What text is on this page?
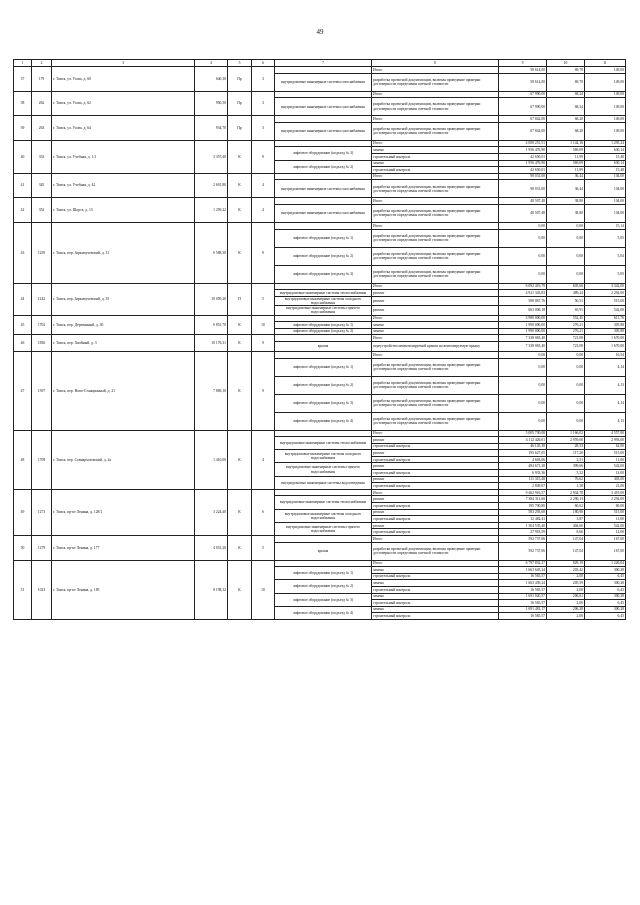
49
1	2	3	4	5	6	7	8	9	10	11
37	179	г. Томск, ул. Усова, д. 60	640,30	Пр	3		Итого	58 614,00	69,70	149,00
						внутридомовые инженерные системы газоснабжения	разработка проектной документации, включая проведение проверки достоверности определения сметной стоимости	58 614,00	69,70	149,00
38	262	г. Томск, ул. Усова, д. 62	950,50	Пр	3		Итого	67 990,00	68,24	149,00
						внутридомовые инженерные системы газоснабжения	разработка проектной документации, включая проведение проверки достоверности определения сметной стоимости	67 990,00	68,24	149,00
39	263	г. Томск, ул. Усова, д. 64	934,70	Пр	3		Итого	67 842,00	68,20	149,00
						внутридомовые инженерные системы газоснабжения	разработка проектной документации, включая проведение проверки достоверности определения сметной стоимости	67 842,00	68,20	149,00
40	333	г. Томск, ул. Учебная, д. 1/1	3 357,40	К	9		Итого	4 000 251,51	1 144,16	1 295,24
						лифтовое оборудование (подъезд № 3)	замена	1 956 476,90	569,09	630,14
							строительный контроль	42 650,01	11,99	15,48
						лифтовое оборудование (подъезд № 2)	замена	1 956 476,90	569,09	630,14
							строительный контроль	42 650,01	11,99	15,48
41	345	г. Томск, ул. Учебная, д. 42	2 691,80	К	4		Итого	98 031,00	36,44	104,00
						внутридомовые инженерные системы газоснабжения	разработка проектной документации, включая проведение проверки достоверности определения сметной стоимости	98 031,00	36,44	104,00
42	352	г. Томск, ул. Шорса, д. 13	1 259,22	К	4		Итого	48 507,48	38,80	104,00
						внутридомовые инженерные системы газоснабжения	разработка проектной документации, включая проведение проверки достоверности определения сметной стоимости	48 507,48	38,80	104,00
43	1259	г. Томск, пер. Заркичучевский, д. 31	6 588,30	К	9		Итого	0,00	0,00	15,14
						лифтовое оборудование (подъезд № 1)	разработка проектной документации, включая проведение проверки достоверности определения сметной стоимости	0,00	0,00	5,05
						лифтовое оборудование (подъезд № 2)	разработка проектной документации, включая проведение проверки достоверности определения сметной стоимости	0,00	0,00	5,04
						лифтовое оборудование (подъезд № 3)	разработка проектной документации, включая проведение проверки достоверности определения сметной стоимости	0,00	0,00	5,05
44	1242	г. Томск, пер. Заркичучевский, д. 35	10 059,20	П	5		Итого	6 092 419,79	605,66	3 342,00
						внутридомовые инженерные системы теплоснабжения	ремонт	4 921 343,83	489,24	2 292,00
						внутридомовые инженерные системы холодного водоснабжения	ремонт	508 067,76	50,51	515,00
						внутридомовые инженерные системы горячего водоснабжения	ремонт	663 006,18	65,91	542,00
45	1702	г. Томск, пер. Деревянный, д. 30	6 851,70	К	10		Итого	3 980 000,00	552,45	611,76
						лифтовое оборудование (подъезд № 1)	замена	1 990 000,00	276,21	305,88
						лифтовое оборудование (подъезд № 2)	замена	1 990 000,00	276,21	305,88
46	1836	г. Томск, пер. Хвойный, д. 3	10 176,31	К	9		Итого	7 338 065,40	721,08	1 670,00
						крыша	переустройство невентилируемой крыши на вентилируемую крышу	7 338 065,40	721,08	1 670,00
47	1397	г. Томск, пер. Ново-Станционный, д. 21	7 869,10	К	9		Итого	0,00	0,00	16,54
						лифтовое оборудование (подъезд № 1)	разработка проектной документации, включая проведение проверки достоверности определения сметной стоимости	0,00	0,00	4,14
						лифтовое оборудование (подъезд № 2)	разработка проектной документации, включая проведение проверки достоверности определения сметной стоимости	0,00	0,00	4,13
						лифтовое оборудование (подъезд № 3)	разработка проектной документации, включая проведение проверки достоверности определения сметной стоимости	0,00	0,00	4,14
						лифтовое оборудование (подъезд № 4)	разработка проектной документации, включая проведение проверки достоверности определения сметной стоимости	0,00	0,00	4,13
48	1708	г. Томск, пер. Совнархозовский, д. 2а	1 410,00	К	4		Итого	5 005 730,08	1 166,02	4 557,00
						внутридомовые инженерные системы теплоснабжения	ремонт	4 112 426,01	2 959,00	2 993,00
							строительный контроль	46 145,38	28,53	62,00
						внутридомовые инженерные системы холодного водоснабжения	ремонт	195 627,05	117,20	515,00
							строительный контроль	4 603,06	2,51	11,00
						внутридомовые инженерные системы горячего водоснабжения	ремонт	484 671,28	399,66	542,00
							строительный контроль	6 933,36	5,52	12,00
						внутридомовые инженерные системы водоотведения	ремонт	111 315,48	76,62	403,00
							строительный контроль	2 849,07	1,58	21,00
49	1273	г. Томск, пр-кт Ленина, д. 128/1	3 224,40	К	6		Итого	9 462 916,57	2 934,78	3 419,00
						внутридомовые инженерные системы теплоснабжения	ремонт	7 384 311,60	2 290,13	2 292,00
							строительный контроль	195 700,80	60,62	69,00
						внутридомовые инженерные системы холодного водоснабжения	ремонт	583 293,60	180,90	515,00
							строительный контроль	12 482,41	3,87	11,00
						внутридомовые инженерные системы горячего водоснабжения	ремонт	1 304 535,40	404,60	542,00
							строительный контроль	27 918,59	8,66	12,00
50	1279	г. Томск, пр-кт Ленина, д. 177	4 031,20	К	5		Итого	592 737,06	147,04	167,00
						крыша	разработка проектной документации, включая проведение проверки достоверности определения сметной стоимости	592 737,06	147,04	167,00
51	1023	г. Томск, пр-кт Ленина, д. 185	8 198,32	К	10		Итого	6 797 832,27	829,19	1 226,04
						лифтовое оборудование (подъезд № 1)	замена	1 663 645,24	203,42	300,28
							строительный контроль	16 565,57	2,00	6,45
						лифтовое оборудование (подъезд № 2)	замена	1 663 439,24	205,59	300,28
							строительный контроль	16 565,57	2,00	6,45
						лифтовое оборудование (подъезд № 3)	замена	1 691 020,57	206,61	300,28
							строительный контроль	16 565,57	2,00	6,45
						лифтовое оборудование (подъезд № 4)	замена	1 691 481,17	206,38	300,28
							строительный контроль	16 565,57	2,00	6,45
